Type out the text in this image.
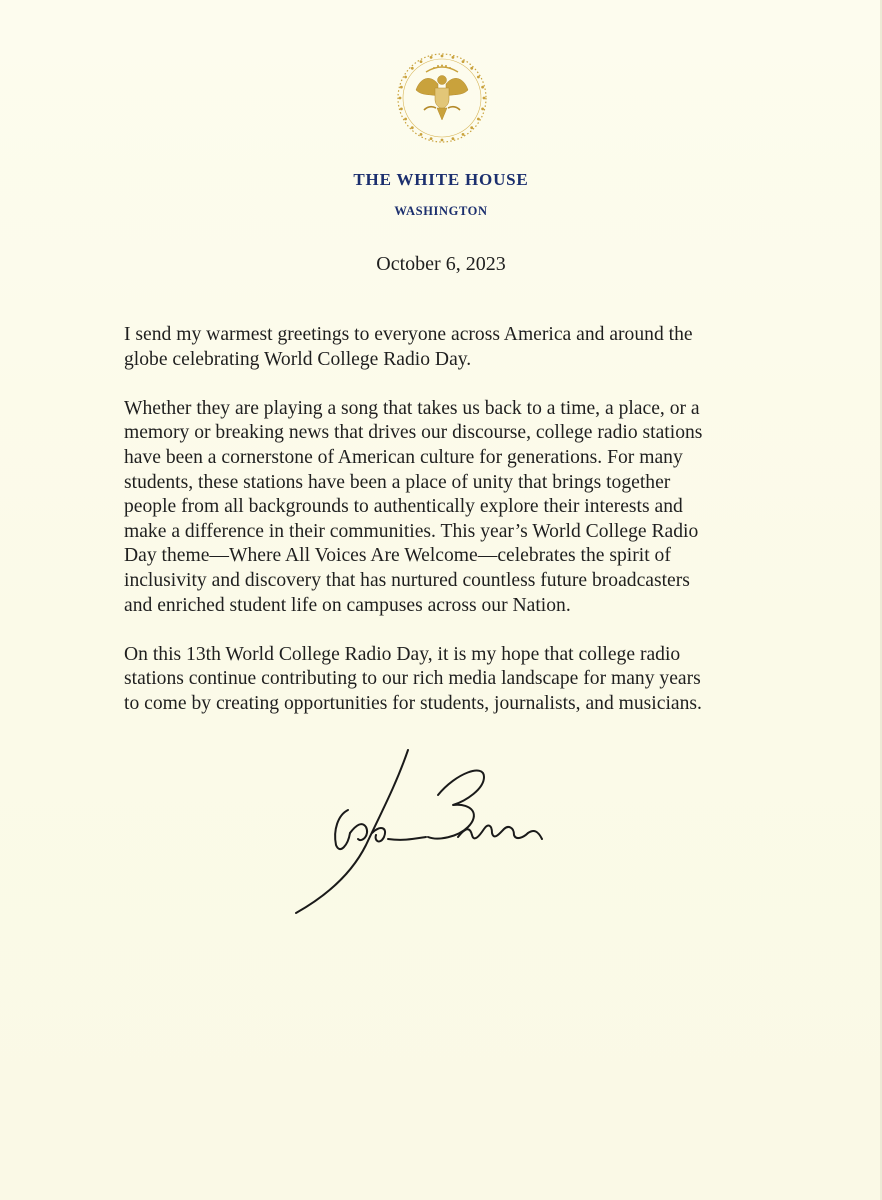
THE WHITE HOUSE
WASHINGTON
October 6, 2023

I send my warmest greetings to everyone across America and around the
globe celebrating World College Radio Day.

Whether they are playing a song that takes us back to a time, a place, or a
memory or breaking news that drives our discourse, college radio stations
have been a cornerstone of American culture for generations. For many
students, these stations have been a place of unity that brings together
people from all backgrounds to authentically explore their interests and
make a difference in their communities. This year’s World College Radio
Day theme—Where All Voices Are Welcome—celebrates the spirit of
inclusivity and discovery that has nurtured countless future broadcasters
and enriched student life on campuses across our Nation.

On this 13th World College Radio Day, it is my hope that college radio
stations continue contributing to our rich media landscape for many years
to come by creating opportunities for students, journalists, and musicians.
